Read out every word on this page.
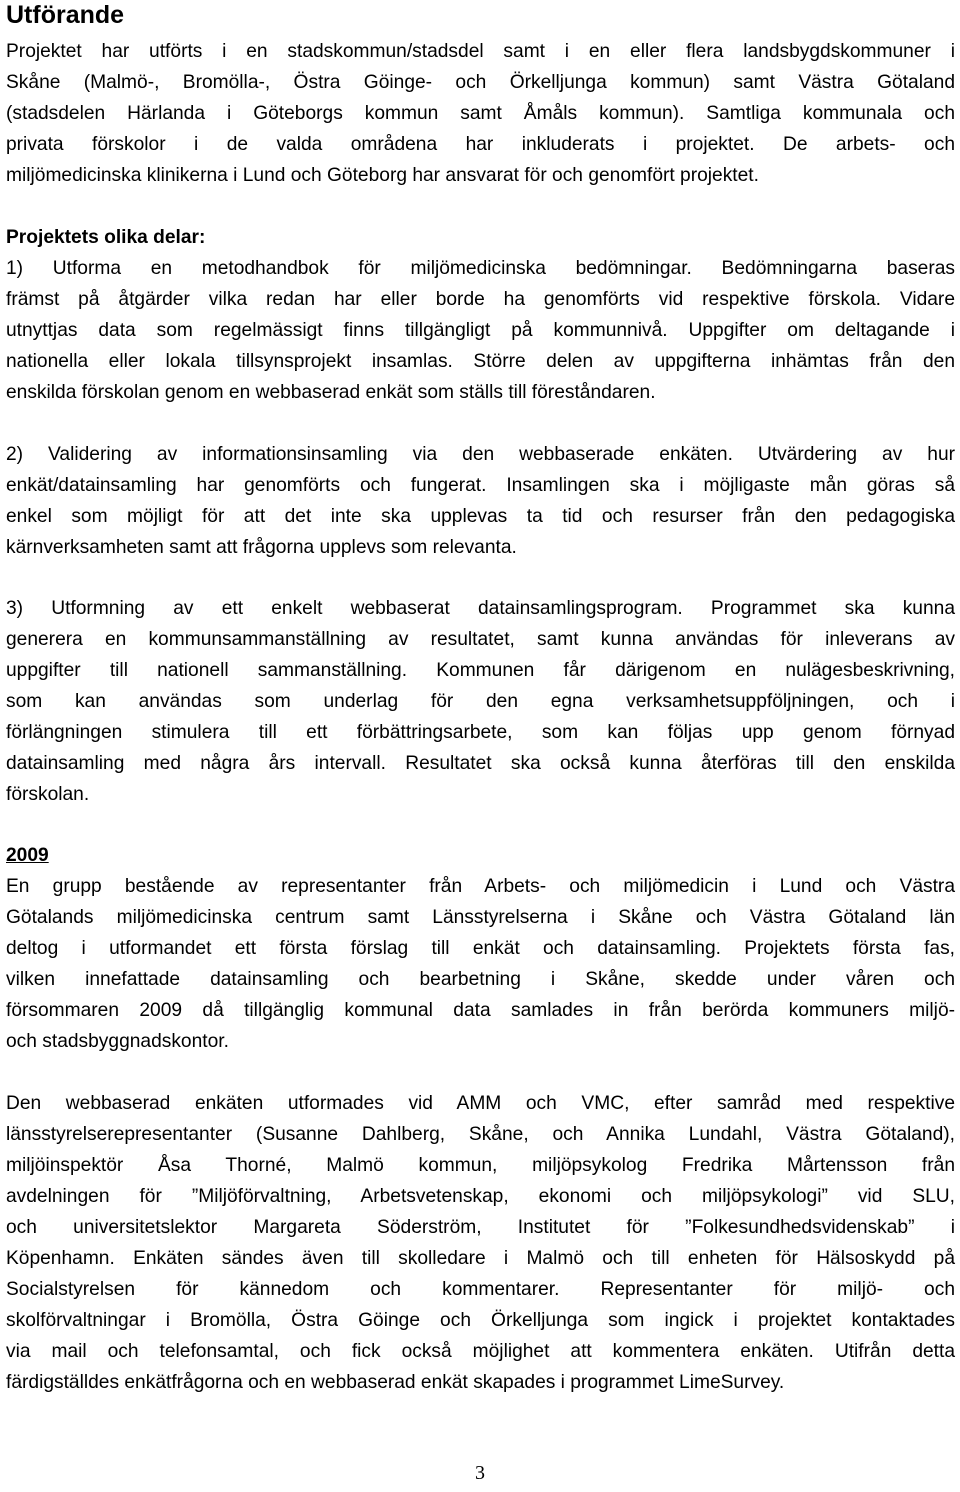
Utförande
Projektet har utförts i en stadskommun/stadsdel samt i en eller flera landsbygdskommuner i
Skåne (Malmö-, Bromölla-, Östra Göinge- och Örkelljunga kommun) samt Västra Götaland
(stadsdelen Härlanda i Göteborgs kommun samt Åmåls kommun). Samtliga kommunala och
privata förskolor i de valda områdena har inkluderats i projektet. De arbets- och
miljömedicinska klinikerna i Lund och Göteborg har ansvarat för och genomfört projektet.
Projektets olika delar:
1) Utforma en metodhandbok för miljömedicinska bedömningar. Bedömningarna baseras
främst på åtgärder vilka redan har eller borde ha genomförts vid respektive förskola. Vidare
utnyttjas data som regelmässigt finns tillgängligt på kommunnivå. Uppgifter om deltagande i
nationella eller lokala tillsynsprojekt insamlas. Större delen av uppgifterna inhämtas från den
enskilda förskolan genom en webbaserad enkät som ställs till föreståndaren.
2) Validering av informationsinsamling via den webbaserade enkäten. Utvärdering av hur
enkät/datainsamling har genomförts och fungerat. Insamlingen ska i möjligaste mån göras så
enkel som möjligt för att det inte ska upplevas ta tid och resurser från den pedagogiska
kärnverksamheten samt att frågorna upplevs som relevanta.
3) Utformning av ett enkelt webbaserat datainsamlingsprogram. Programmet ska kunna
generera en kommunsammanställning av resultatet, samt kunna användas för inleverans av
uppgifter till nationell sammanställning. Kommunen får därigenom en nulägesbeskrivning,
som kan användas som underlag för den egna verksamhetsuppföljningen, och i
förlängningen stimulera till ett förbättringsarbete, som kan följas upp genom förnyad
datainsamling med några års intervall. Resultatet ska också kunna återföras till den enskilda
förskolan.
2009
En grupp bestående av representanter från Arbets- och miljömedicin i Lund och Västra
Götalands miljömedicinska centrum samt Länsstyrelserna i Skåne och Västra Götaland län
deltog i utformandet ett första förslag till enkät och datainsamling. Projektets första fas,
vilken innefattade datainsamling och bearbetning i Skåne, skedde under våren och
försommaren 2009 då tillgänglig kommunal data samlades in från berörda kommuners miljö-
och stadsbyggnadskontor.
Den webbaserad enkäten utformades vid AMM och VMC, efter samråd med respektive
länsstyrelserepresentanter (Susanne Dahlberg, Skåne, och Annika Lundahl, Västra Götaland),
miljöinspektör Åsa Thorné, Malmö kommun, miljöpsykolog Fredrika Mårtensson från
avdelningen för ”Miljöförvaltning, Arbetsvetenskap, ekonomi och miljöpsykologi” vid SLU,
och universitetslektor Margareta Söderström, Institutet för ”Folkesundhedsvidenskab” i
Köpenhamn. Enkäten sändes även till skolledare i Malmö och till enheten för Hälsoskydd på
Socialstyrelsen för kännedom och kommentarer. Representanter för miljö- och
skolförvaltningar i Bromölla, Östra Göinge och Örkelljunga som ingick i projektet kontaktades
via mail och telefonsamtal, och fick också möjlighet att kommentera enkäten. Utifrån detta
färdigställdes enkätfrågorna och en webbaserad enkät skapades i programmet LimeSurvey.
3
